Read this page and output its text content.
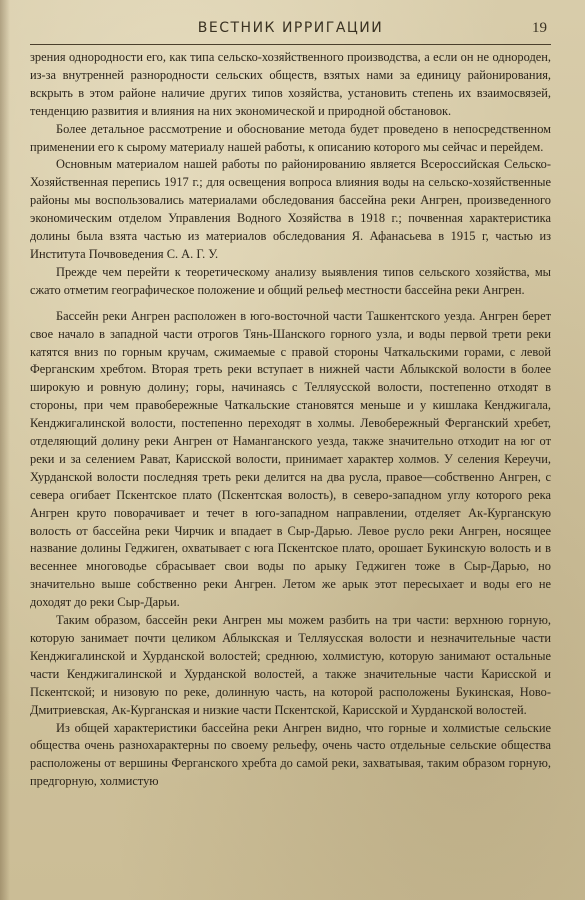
ВЕСТНИК ИРРИГАЦИИ	19

зрения однородности его, как типа сельско-хозяйственного производства, а если он не однороден, из-за внутренней разнородности сельских обществ, взятых нами за единицу районирования, вскрыть в этом районе наличие других типов хозяйства, установить степень их взаимосвязей, тенденцию развития и влияния на них экономической и природной обстановок.

Более детальное рассмотрение и обоснование метода будет проведено в непосредственном применении его к сырому материалу нашей работы, к описанию которого мы сейчас и перейдем.

Основным материалом нашей работы по районированию является Всероссийская Сельско-Хозяйственная перепись 1917 г.; для освещения вопроса влияния воды на сельско-хозяйственные районы мы воспользовались материалами обследования бассейна реки Ангрен, произведенного экономическим отделом Управления Водного Хозяйства в 1918 г.; почвенная характеристика долины была взята частью из материалов обследования Я. Афанасьева в 1915 г, частью из Института Почвоведения С. А. Г. У.

Прежде чем перейти к теоретическому анализу выявления типов сельского хозяйства, мы сжато отметим географическое положение и общий рельеф местности бассейна реки Ангрен.

Бассейн реки Ангрен расположен в юго-восточной части Ташкентского уезда. Ангрен берет свое начало в западной части отрогов Тянь-Шанского горного узла, и воды первой трети реки катятся вниз по горным кручам, сжимаемые с правой стороны Чаткальскими горами, с левой Ферганским хребтом. Вторая треть реки вступает в нижней части Аблыкской волости в более широкую и ровную долину; горы, начинаясь с Телляусской волости, постепенно отходят в стороны, при чем правобережные Чаткальские становятся меньше и у кишлака Кенджигала, Кенджигалинской волости, постепенно переходят в холмы. Левобережный Ферганский хребет, отделяющий долину реки Ангрен от Наманганского уезда, также значительно отходит на юг от реки и за селением Рават, Карисской волости, принимает характер холмов. У селения Кереучи, Хурданской волости последняя треть реки делится на два русла, правое—собственно Ангрен, с севера огибает Пскентское плато (Пскентская волость), в северо-западном углу которого река Ангрен круто поворачивает и течет в юго-западном направлении, отделяет Ак-Курганскую волость от бассейна реки Чирчик и впадает в Сыр-Дарью. Левое русло реки Ангрен, носящее название долины Геджиген, охватывает с юга Пскентское плато, орошает Букинскую волость и в весеннее многоводье сбрасывает свои воды по арыку Геджиген тоже в Сыр-Дарью, но значительно выше собственно реки Ангрен. Летом же арык этот пересыхает и воды его не доходят до реки Сыр-Дарьи.

Таким образом, бассейн реки Ангрен мы можем разбить на три части: верхнюю горную, которую занимает почти целиком Аблыкская и Телляусская волости и незначительные части Кенджигалинской и Хурданской волостей; среднюю, холмистую, которую занимают остальные части Кенджигалинской и Хурданской волостей, а также значительные части Карисской и Пскентской; и низовую по реке, долинную часть, на которой расположены Букинская, Ново-Дмитриевская, Ак-Курганская и низкие части Пскентской, Карисской и Хурданской волостей.

Из общей характеристики бассейна реки Ангрен видно, что горные и холмистые сельские общества очень разнохарактерны по своему рельефу, очень часто отдельные сельские общества расположены от вершины Ферганского хребта до самой реки, захватывая, таким образом горную, предгорную, холмистую
